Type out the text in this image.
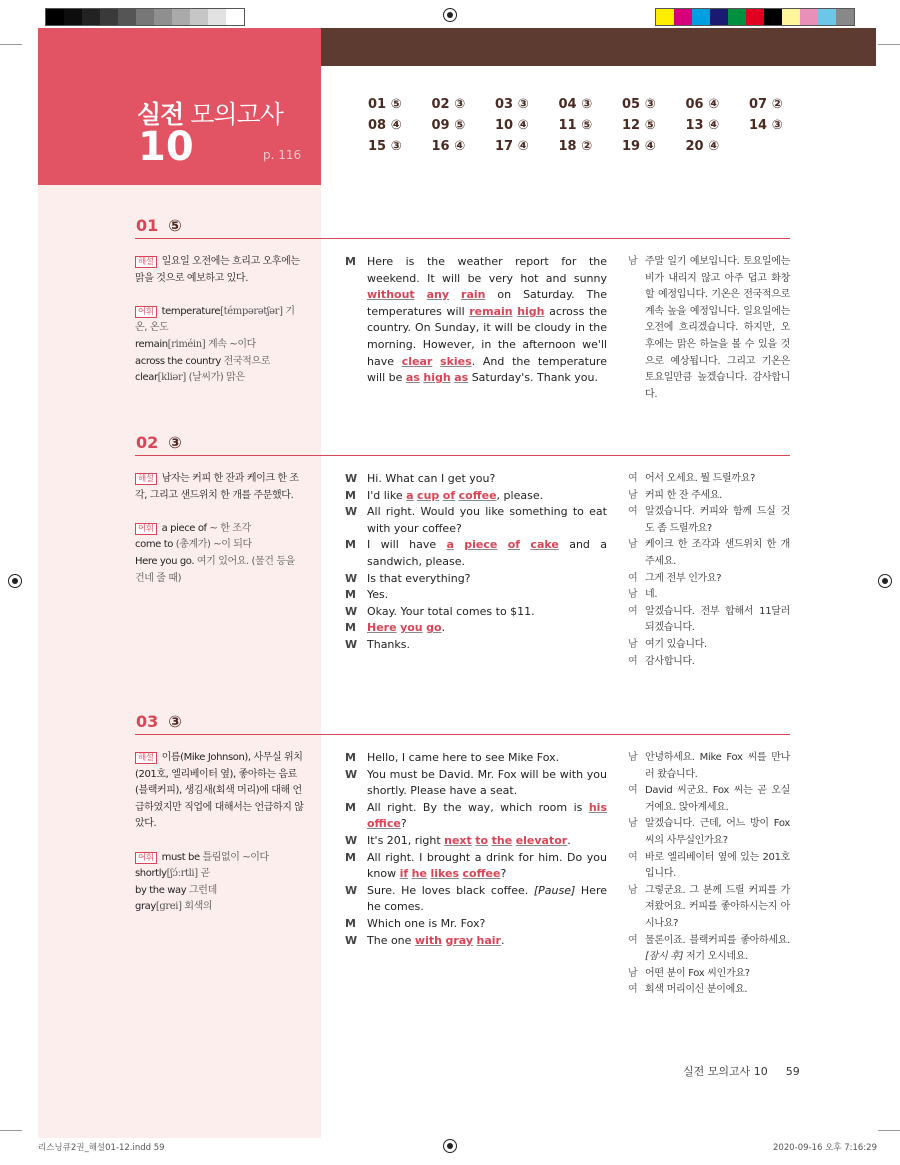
실전 모의고사
10	p. 116
01 ⑤	02 ③	03 ③	04 ③	05 ③	06 ④	07 ②
08 ④	09 ⑤	10 ④	11 ⑤	12 ⑤	13 ④	14 ③
15 ③	16 ④	17 ④	18 ②	19 ④	20 ④
01 ⑤
해설 일요일 오전에는 흐리고 오후에는 맑을 것으로 예보하고 있다.
어휘 temperature[témpərətʃər] 기온, 온도
remain[riméin] 계속 ~이다
across the country 전국적으로
clear[kliər] (날씨가) 맑은
M	Here is the weather report for the weekend. It will be very hot and sunny without any rain on Saturday. The temperatures will remain high across the country. On Sunday, it will be cloudy in the morning. However, in the afternoon we'll have clear skies. And the temperature will be as high as Saturday's. Thank you.
남 주말 일기 예보입니다. 토요일에는 비가 내리지 않고 아주 덥고 화창할 예정입니다. 기온은 전국적으로 계속 높을 예정입니다. 일요일에는 오전에 흐리겠습니다. 하지만, 오후에는 맑은 하늘을 볼 수 있을 것으로 예상됩니다. 그리고 기온은 토요일만큼 높겠습니다. 감사합니다.
02 ③
해설 남자는 커피 한 잔과 케이크 한 조각, 그리고 샌드위치 한 개를 주문했다.
어휘 a piece of ~ 한 조각
come to (총계가) ~이 되다
Here you go. 여기 있어요. (물건 등을 건네 줄 때)
W Hi. What can I get you?
M	I'd like a cup of coffee, please.
W All right. Would you like something to eat with your coffee?
M	I will have a piece of cake and a sandwich, please.
W Is that everything?
M	Yes.
W Okay. Your total comes to $11.
M	Here you go.
W Thanks.
여 어서 오세요. 뭘 드릴까요?
남 커피 한 잔 주세요.
여 알겠습니다. 커피와 함께 드실 것도 좀 드릴까요?
남 케이크 한 조각과 샌드위치 한 개 주세요.
여 그게 전부 인가요?
남 네.
여 알겠습니다. 전부 합해서 11달러 되겠습니다.
남 여기 있습니다.
여 감사합니다.
03 ③
해설 이름(Mike Johnson), 사무실 위치(201호, 엘리베이터 옆), 좋아하는 음료(블랙커피), 생김새(회색 머리)에 대해 언급하였지만 직업에 대해서는 언급하지 않았다.
어휘 must be 틀림없이 ~이다
shortly[ʃɔ́ːrtli] 곧
by the way 그런데
gray[grei] 회색의
M	Hello, I came here to see Mike Fox.
W You must be David. Mr. Fox will be with you shortly. Please have a seat.
M	All right. By the way, which room is his office?
W It's 201, right next to the elevator.
M	All right. I brought a drink for him. Do you know if he likes coffee?
W Sure. He loves black coffee. [Pause] Here he comes.
M	Which one is Mr. Fox?
W The one with gray hair.
남 안녕하세요. Mike Fox 씨를 만나러 왔습니다.
여 David 씨군요. Fox 씨는 곧 오실 거예요. 앉아계세요.
남 알겠습니다. 근데, 어느 방이 Fox 씨의 사무실인가요?
여 바로 엘리베이터 옆에 있는 201호입니다.
남 그렇군요. 그 분께 드릴 커피를 가져왔어요. 커피를 좋아하시는지 아시나요?
여 물론이죠. 블랙커피를 좋아하세요. [잠시 후] 저기 오시네요.
남 어떤 분이 Fox 씨인가요?
여 회색 머리이신 분이에요.
실전 모의고사 10 59
리스닝큐2권_해설01-12.indd 59	2020-09-16 오후 7:16:29
